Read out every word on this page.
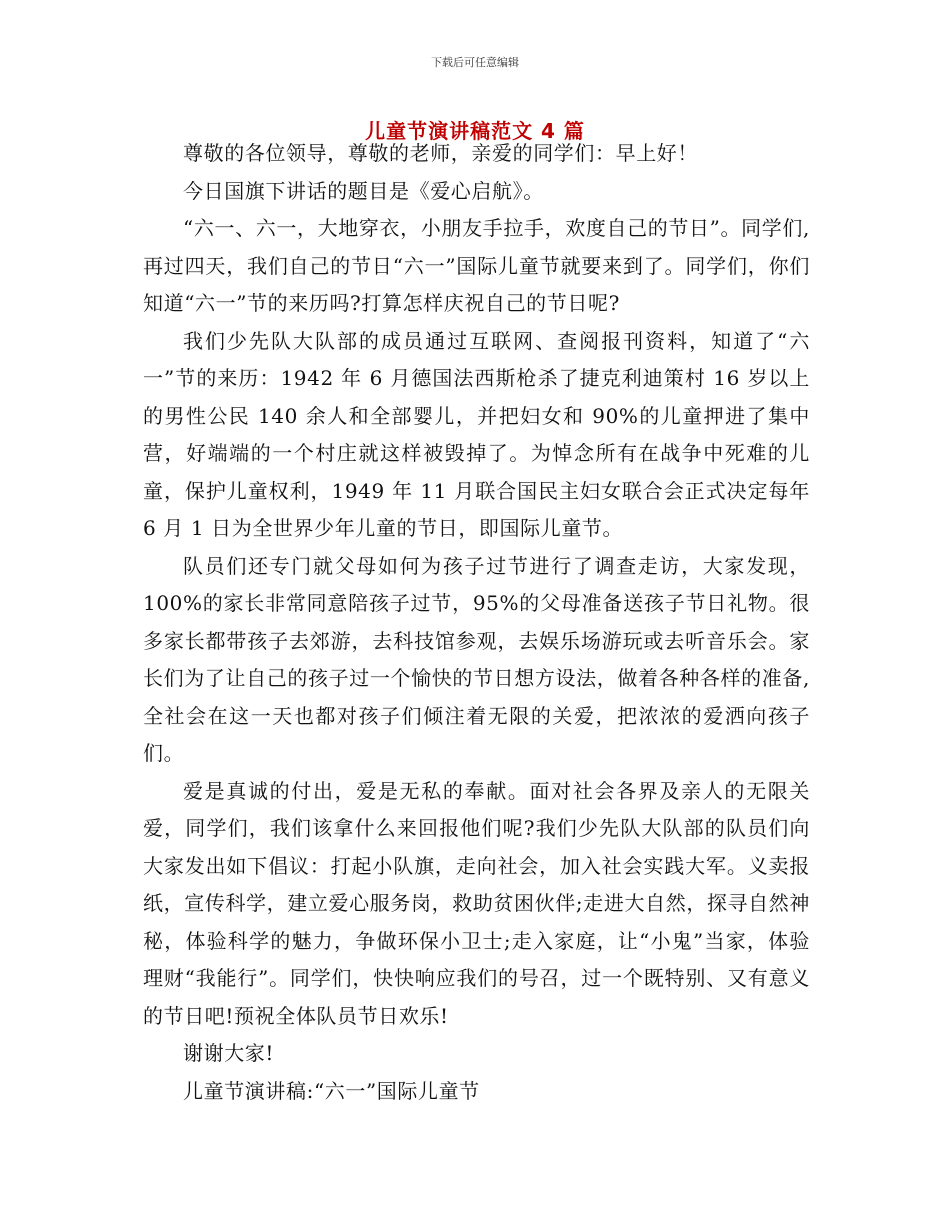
下载后可任意编辑
儿童节演讲稿范文 4 篇

尊敬的各位领导，尊敬的老师，亲爱的同学们：早上好！

今日国旗下讲话的题目是《爱心启航》。

“六一、六一，大地穿衣，小朋友手拉手，欢度自己的节日”。同学们,再过四天，我们自己的节日“六一”国际儿童节就要来到了。同学们，你们知道“六一”节的来历吗?打算怎样庆祝自己的节日呢?

我们少先队大队部的成员通过互联网、查阅报刊资料，知道了“六一”节的来历：1942 年 6 月德国法西斯枪杀了捷克利迪策村 16 岁以上的男性公民 140 余人和全部婴儿，并把妇女和 90%的儿童押进了集中营，好端端的一个村庄就这样被毁掉了。为悼念所有在战争中死难的儿童，保护儿童权利，1949 年 11 月联合国民主妇女联合会正式决定每年 6 月 1 日为全世界少年儿童的节日，即国际儿童节。

队员们还专门就父母如何为孩子过节进行了调查走访，大家发现，100%的家长非常同意陪孩子过节，95%的父母准备送孩子节日礼物。很多家长都带孩子去郊游，去科技馆参观，去娱乐场游玩或去听音乐会。家长们为了让自己的孩子过一个愉快的节日想方设法，做着各种各样的准备,全社会在这一天也都对孩子们倾注着无限的关爱，把浓浓的爱洒向孩子们。

爱是真诚的付出，爱是无私的奉献。面对社会各界及亲人的无限关爱，同学们，我们该拿什么来回报他们呢?我们少先队大队部的队员们向大家发出如下倡议：打起小队旗，走向社会，加入社会实践大军。义卖报纸，宣传科学，建立爱心服务岗，救助贫困伙伴;走进大自然，探寻自然神秘，体验科学的魅力，争做环保小卫士;走入家庭，让“小鬼”当家，体验理财“我能行”。同学们，快快响应我们的号召，过一个既特别、又有意义的节日吧!预祝全体队员节日欢乐!

谢谢大家!

儿童节演讲稿:“六一”国际儿童节
